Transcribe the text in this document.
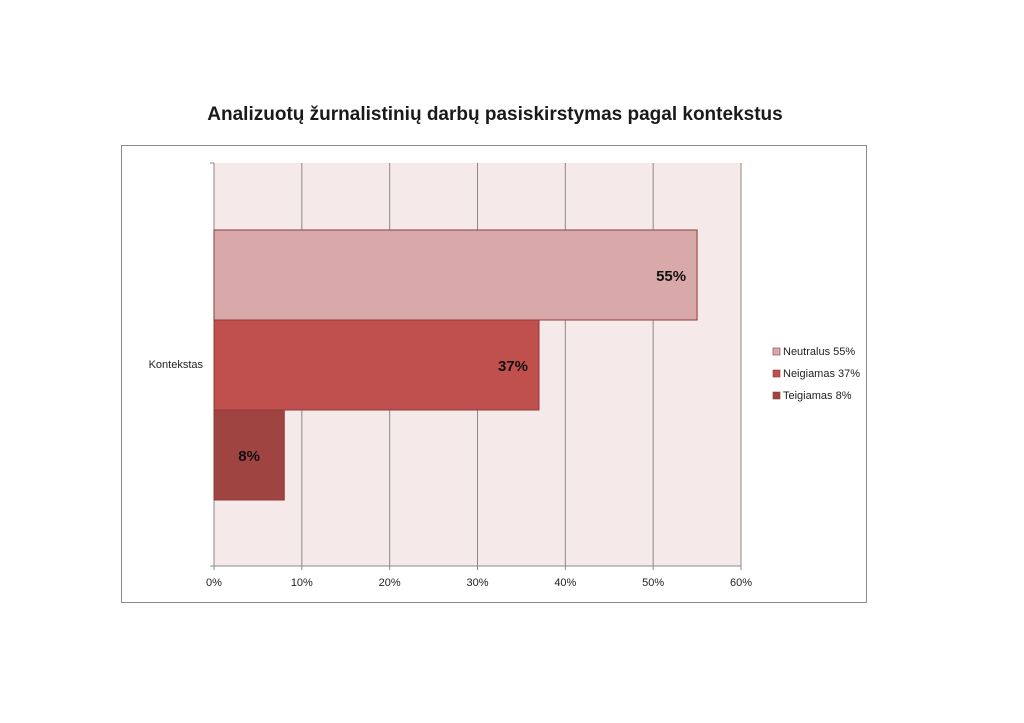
Analizuotų žurnalistinių darbų pasiskirstymas pagal kontekstus
0%	10%	20%	30%	40%	50%	60%
Kontekstas
55%
37%
8%
Neutralus 55%
Neigiamas 37%
Teigiamas 8%
